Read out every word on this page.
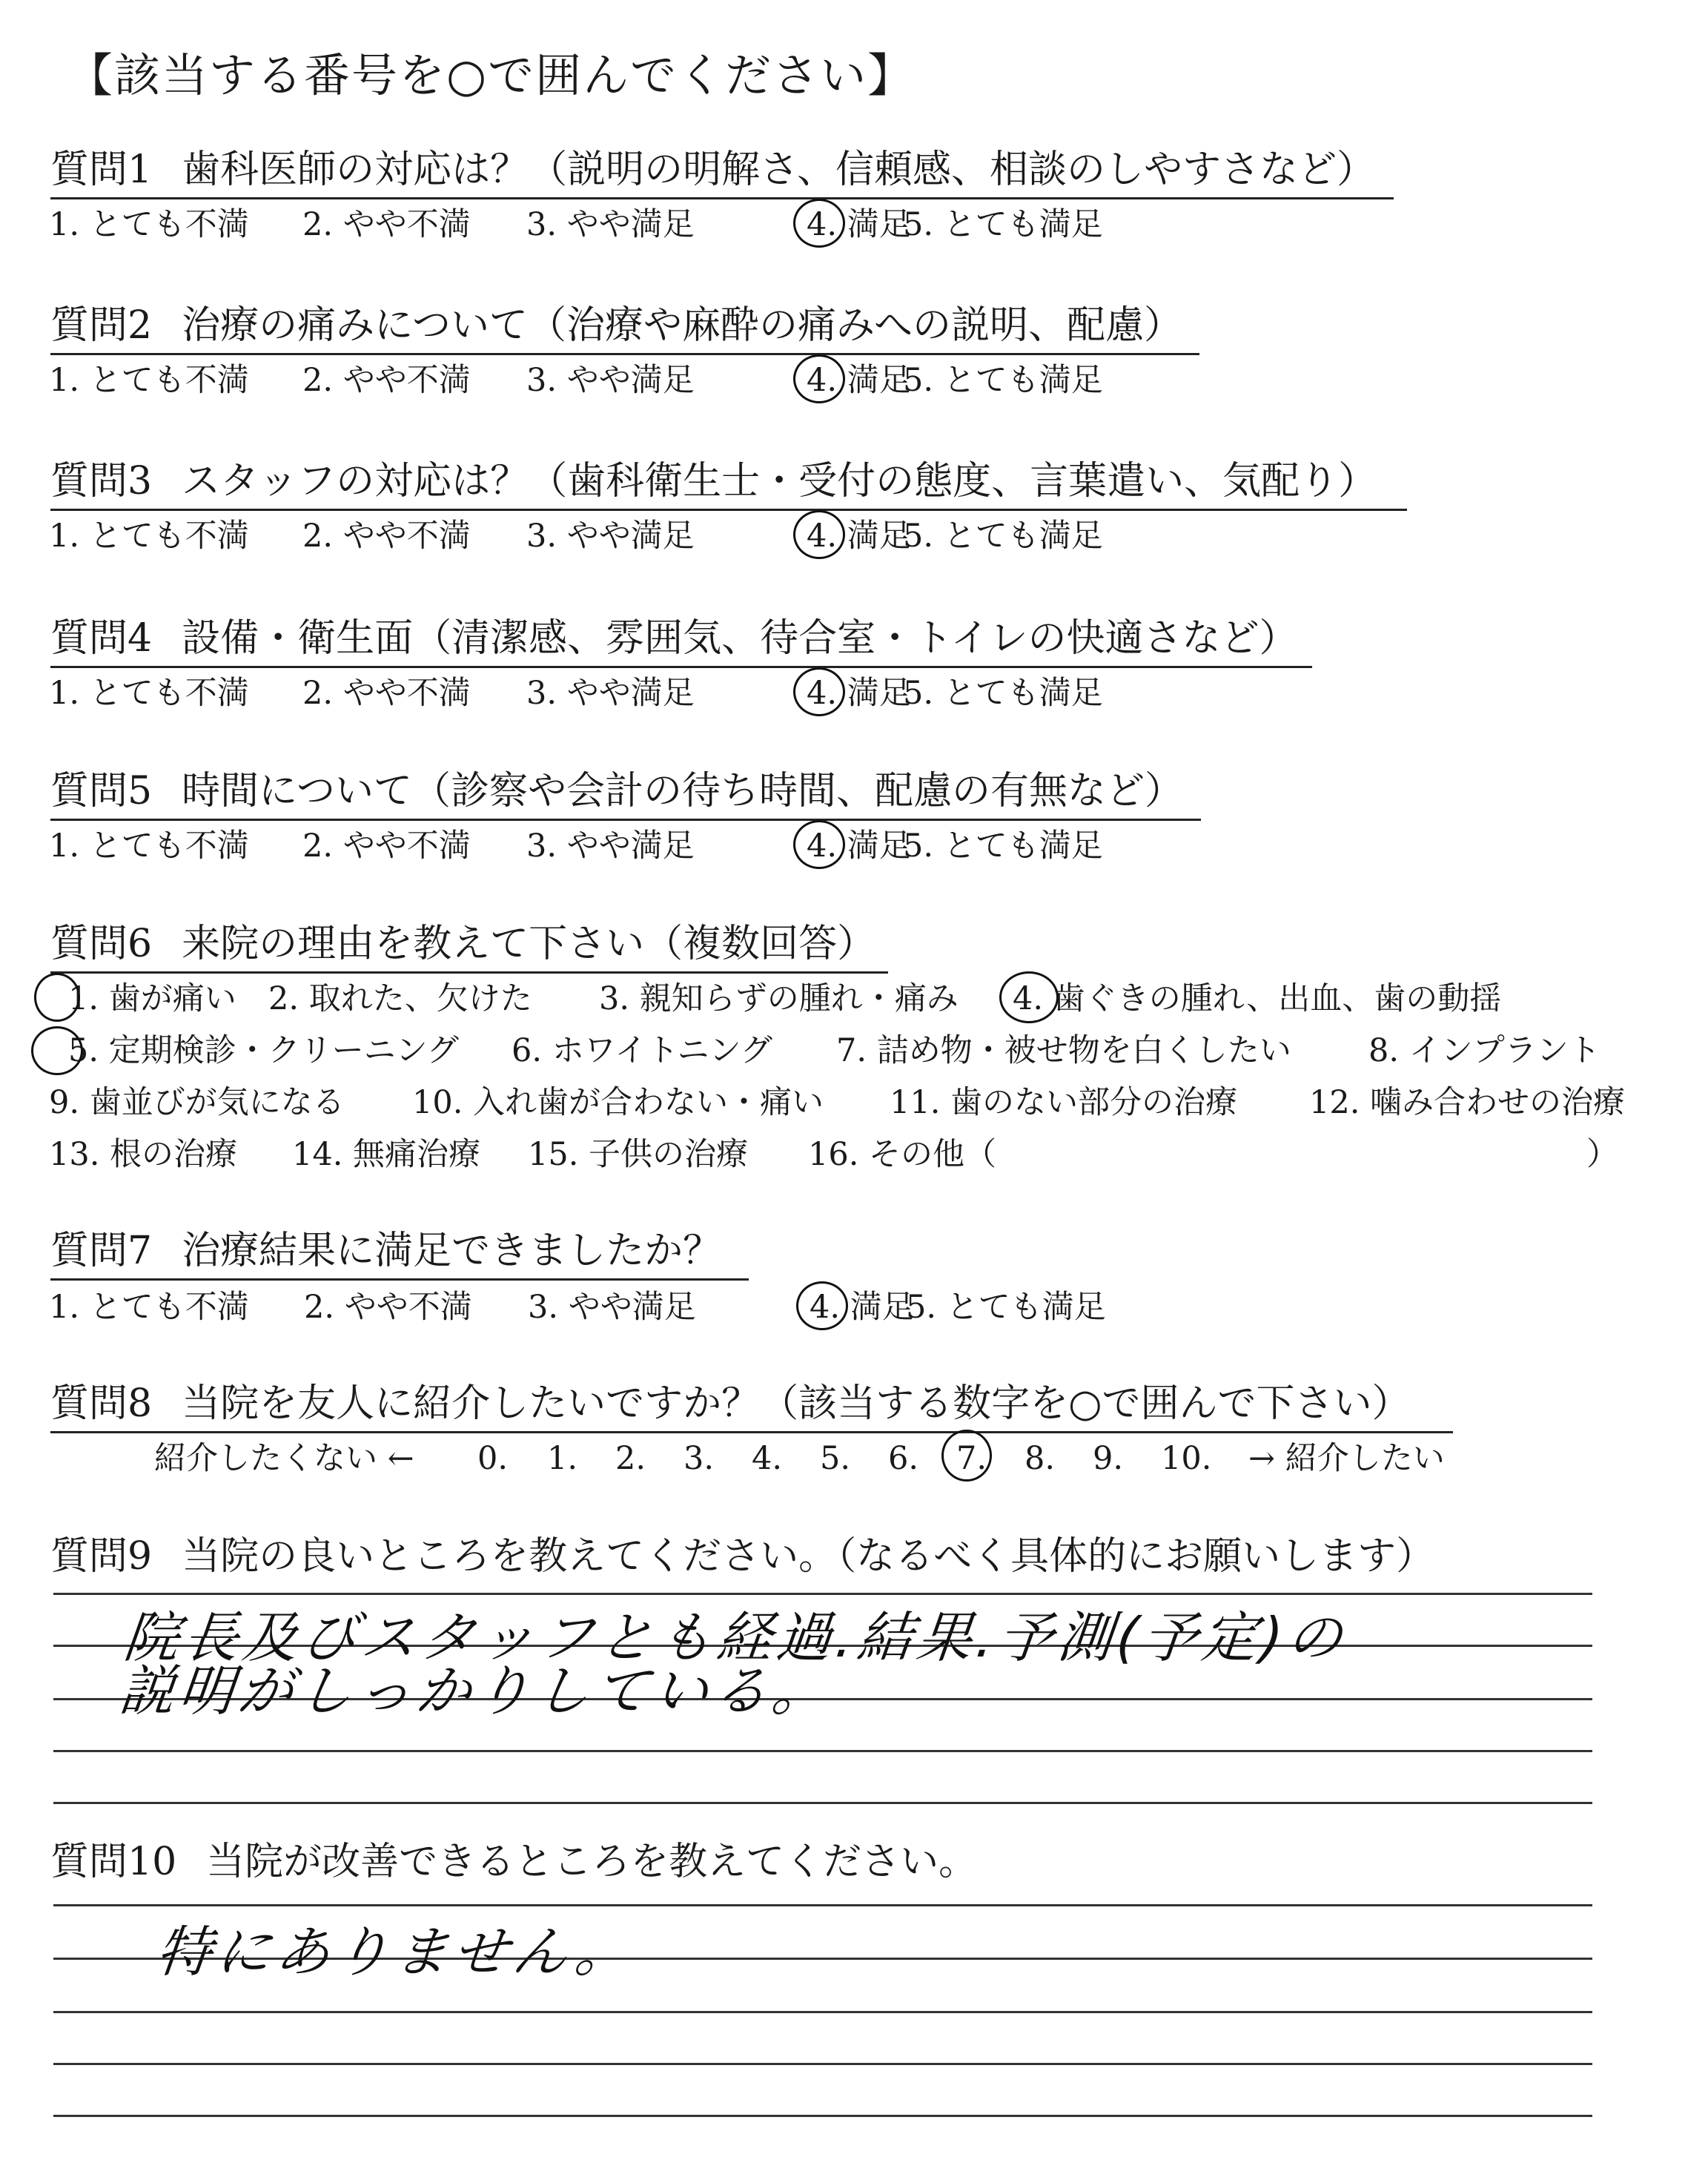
【該当する番号を○で囲んでください】
質問1 歯科医師の対応は？（説明の明解さ、信頼感、相談のしやすさなど）
1. とても不満 2. やや不満 3. やや満足	4. 満足
5. とても満足
質問2 治療の痛みについて（治療や麻酔の痛みへの説明、配慮）
1. とても不満 2. やや不満 3. やや満足	4. 満足
5. とても満足
質問3 スタッフの対応は？（歯科衛生士・受付の態度、言葉遣い、気配り）
1. とても不満 2. やや不満 3. やや満足	4. 満足
5. とても満足
質問4 設備・衛生面（清潔感、雰囲気、待合室・トイレの快適さなど）
1. とても不満 2. やや不満 3. やや満足	4. 満足
5. とても満足
質問5 時間について（診察や会計の待ち時間、配慮の有無など）
1. とても不満 2. やや不満 3. やや満足	4. 満足
5. とても満足
質問6 来院の理由を教えて下さい（複数回答）
1. 歯が痛い 2. 取れた、欠けた 3. 親知らずの腫れ・痛み 4. 歯ぐきの腫れ、出血、歯の動揺
5. 定期検診・クリーニング 6. ホワイトニング 7. 詰め物・被せ物を白くしたい 8. インプラント
9. 歯並びが気になる 10. 入れ歯が合わない・痛い 11. 歯のない部分の治療 12. 噛み合わせの治療
13. 根の治療 14. 無痛治療 15. 子供の治療 16. その他（	）
質問7 治療結果に満足できましたか？
1. とても不満 2. やや不満 3. やや満足	4. 満足
5. とても満足
質問8 当院を友人に紹介したいですか？（該当する数字を○で囲んで下さい）
紹介したくない ← 0. 1. 2. 3. 4. 5. 6. 7. 8. 9. 10. → 紹介したい
質問9 当院の良いところを教えてください。（なるべく具体的にお願いします）
院長及びスタッフとも経過.結果.予測(予定)の
説明がしっかりしている。
質問10 当院が改善できるところを教えてください。
特にありません。
